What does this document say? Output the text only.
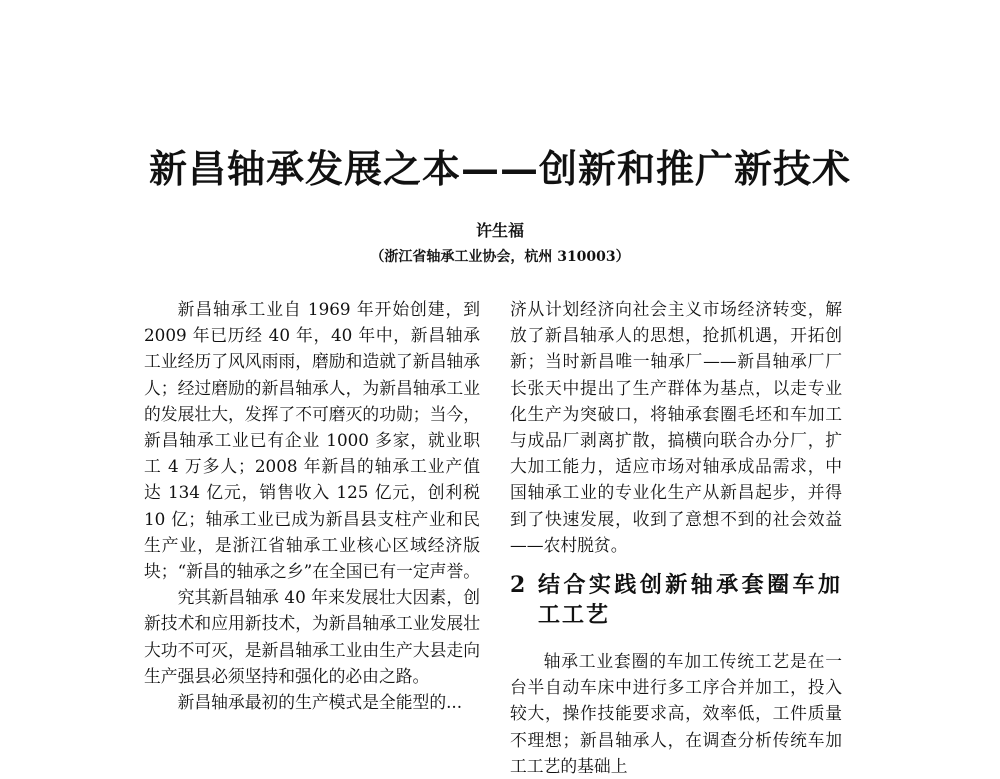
新昌轴承发展之本——创新和推广新技术
许生福
（浙江省轴承工业协会，杭州 310003）

新昌轴承工业自 1969 年开始创建，到 2009 年已历经 40 年，40 年中，新昌轴承工业经历了风风雨雨，磨励和造就了新昌轴承人；经过磨励的新昌轴承人，为新昌轴承工业的发展壮大，发挥了不可磨灭的功勋；当今，新昌轴承工业已有企业 1000 多家，就业职工 4 万多人；2008 年新昌的轴承工业产值达 134 亿元，销售收入 125 亿元，创利税 10 亿；轴承工业已成为新昌县支柱产业和民生产业，是浙江省轴承工业核心区域经济版块；“新昌的轴承之乡”在全国已有一定声誉。

究其新昌轴承 40 年来发展壮大因素，创新技术和应用新技术，为新昌轴承工业发展壮大功不可灭，是新昌轴承工业由生产大县走向生产强县必须坚持和强化的必由之路。

新昌轴承最初的生产模式是全能型的...

济从计划经济向社会主义市场经济转变，解放了新昌轴承人的思想，抢抓机遇，开拓创新；当时新昌唯一轴承厂——新昌轴承厂厂长张天中提出了生产群体为基点，以走专业化生产为突破口，将轴承套圈毛坯和车加工与成品厂剥离扩散，搞横向联合办分厂，扩大加工能力，适应市场对轴承成品需求，中国轴承工业的专业化生产从新昌起步，并得到了快速发展，收到了意想不到的社会效益——农村脱贫。

2 结合实践创新轴承套圈车加工工艺

轴承工业套圈的车加工传统工艺是在一台半自动车床中进行多工序合并加工，投入较大，操作技能要求高，效率低，工件质量不理想；新昌轴承人，在调查分析传统车加工工艺的基础上
